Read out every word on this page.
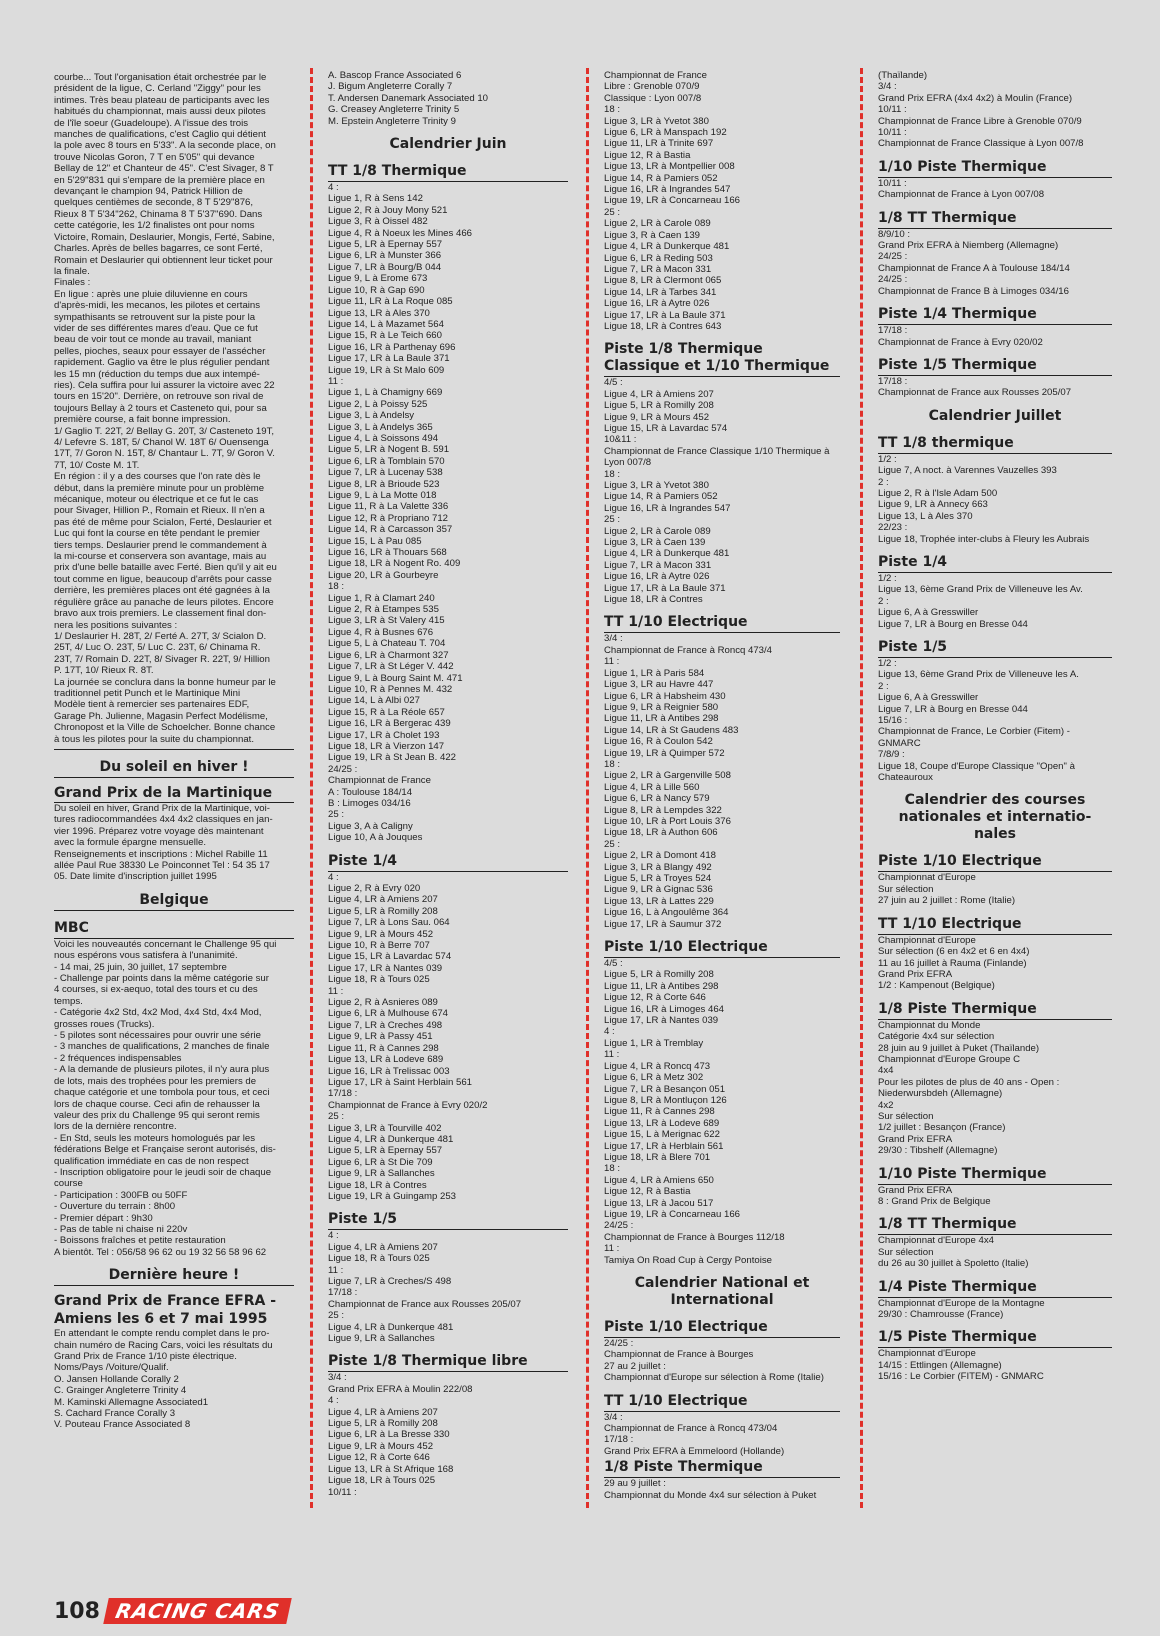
courbe... Tout l'organisation était orchestrée par le
président de la ligue, C. Cerland "Ziggy" pour les
intimes. Très beau plateau de participants avec les
habitués du championnat, mais aussi deux pilotes
de l'île soeur (Guadeloupe). A l'issue des trois
manches de qualifications, c'est Caglio qui détient
la pole avec 8 tours en 5'33". A la seconde place, on
trouve Nicolas Goron, 7 T en 5'05" qui devance
Bellay de 12" et Chanteur de 45". C'est Sivager, 8 T
en 5'29"831 qui s'empare de la première place en
devançant le champion 94, Patrick Hillion de
quelques centièmes de seconde, 8 T 5'29"876,
Rieux 8 T 5'34"262, Chinama 8 T 5'37"690. Dans
cette catégorie, les 1/2 finalistes ont pour noms
Victoire, Romain, Deslaurier, Mongis, Ferté, Sabine,
Charles. Après de belles bagarres, ce sont Ferté,
Romain et Deslaurier qui obtiennent leur ticket pour
la finale.
Finales :
En ligue : après une pluie diluvienne en cours
d'après-midi, les mecanos, les pilotes et certains
sympathisants se retrouvent sur la piste pour la
vider de ses différentes mares d'eau. Que ce fut
beau de voir tout ce monde au travail, maniant
pelles, pioches, seaux pour essayer de l'assécher
rapidement. Gaglio va être le plus régulier pendant
les 15 mn (réduction du temps due aux intempé-
ries). Cela suffira pour lui assurer la victoire avec 22
tours en 15'20". Derrière, on retrouve son rival de
toujours Bellay à 2 tours et Casteneto qui, pour sa
première course, a fait bonne impression.
1/ Gaglio T. 22T, 2/ Bellay G. 20T, 3/ Casteneto 19T,
4/ Lefevre S. 18T, 5/ Chanol W. 18T 6/ Ouensenga
17T, 7/ Goron N. 15T, 8/ Chantaur L. 7T, 9/ Goron V.
7T, 10/ Coste M. 1T.
En région : il y a des courses que l'on rate dès le
début, dans la première minute pour un problème
mécanique, moteur ou électrique et ce fut le cas
pour Sivager, Hillion P., Romain et Rieux. Il n'en a
pas été de même pour Scialon, Ferté, Deslaurier et
Luc qui font la course en tête pendant le premier
tiers temps. Deslaurier prend le commandement à
la mi-course et conservera son avantage, mais au
prix d'une belle bataille avec Ferté. Bien qu'il y ait eu
tout comme en ligue, beaucoup d'arrêts pour casse
derrière, les premières places ont été gagnées à la
régulière grâce au panache de leurs pilotes. Encore
bravo aux trois premiers. Le classement final don-
nera les positions suivantes :
1/ Deslaurier H. 28T, 2/ Ferté A. 27T, 3/ Scialon D.
25T, 4/ Luc O. 23T, 5/ Luc C. 23T, 6/ Chinama R.
23T, 7/ Romain D. 22T, 8/ Sivager R. 22T, 9/ Hillion
P. 17T, 10/ Rieux R. 8T.
La journée se conclura dans la bonne humeur par le
traditionnel petit Punch et le Martinique Mini
Modèle tient à remercier ses partenaires EDF,
Garage Ph. Julienne, Magasin Perfect Modélisme,
Chronopost et la Ville de Schoelcher. Bonne chance
à tous les pilotes pour la suite du championnat.
Du soleil en hiver !
Grand Prix de la Martinique
Du soleil en hiver, Grand Prix de la Martinique, voi-
tures radiocommandées 4x4 4x2 classiques en jan-
vier 1996. Préparez votre voyage dès maintenant
avec la formule épargne mensuelle.
Renseignements et inscriptions : Michel Rabille 11
allée Paul Rue 38330 Le Poinconnet Tel : 54 35 17
05. Date limite d'inscription juillet 1995
Belgique
MBC
Voici les nouveautés concernant le Challenge 95 qui
nous espérons vous satisfera à l'unanimité.
- 14 mai, 25 juin, 30 juillet, 17 septembre
- Challenge par points dans la même catégorie sur
4 courses, si ex-aequo, total des tours et cu des
temps.
- Catégorie 4x2 Std, 4x2 Mod, 4x4 Std, 4x4 Mod,
grosses roues (Trucks).
- 5 pilotes sont nécessaires pour ouvrir une série
- 3 manches de qualifications, 2 manches de finale
- 2 fréquences indispensables
- A la demande de plusieurs pilotes, il n'y aura plus
de lots, mais des trophées pour les premiers de
chaque catégorie et une tombola pour tous, et ceci
lors de chaque course. Ceci afin de rehausser la
valeur des prix du Challenge 95 qui seront remis
lors de la dernière rencontre.
- En Std, seuls les moteurs homologués par les
fédérations Belge et Française seront autorisés, dis-
qualification immédiate en cas de non respect
- Inscription obligatoire pour le jeudi soir de chaque
course
- Participation : 300FB ou 50FF
- Ouverture du terrain : 8h00
- Premier départ : 9h30
- Pas de table ni chaise ni 220v
- Boissons fraîches et petite restauration
A bientôt. Tel : 056/58 96 62 ou 19 32 56 58 96 62
Dernière heure !
Grand Prix de France EFRA - Amiens les 6 et 7 mai 1995
En attendant le compte rendu complet dans le pro-
chain numéro de Racing Cars, voici les résultats du
Grand Prix de France 1/10 piste électrique.
Noms/Pays /Voiture/Qualif.
O. Jansen Hollande Corally 2
C. Grainger Angleterre Trinity 4
M. Kaminski Allemagne Associated1
S. Cachard France Corally 3
V. Pouteau France Associated 8
A. Bascop France Associated 6
J. Bigum Angleterre Corally 7
T. Andersen Danemark Associated 10
G. Creasey Angleterre Trinity 5
M. Epstein Angleterre Trinity 9
Calendrier Juin
TT 1/8 Thermique
4 :
Ligue 1, R à Sens 142
Ligue 2, R à Jouy Mony 521
Ligue 3, R à Oissel 482
Ligue 4, R à Noeux les Mines 466
Ligue 5, LR à Epernay 557
Ligue 6, LR à Munster 366
Ligue 7, LR à Bourg/B 044
Ligue 9, L à Erome 673
Ligue 10, R à Gap 690
Ligue 11, LR à La Roque 085
Ligue 13, LR à Ales 370
Ligue 14, L à Mazamet 564
Ligue 15, R à Le Teich 660
Ligue 16, LR à Parthenay 696
Ligue 17, LR à La Baule 371
Ligue 19, LR à St Malo 609
11 :
Ligue 1, L à Chamigny 669
Ligue 2, L à Poissy 525
Ligue 3, L à Andelsy
Ligue 3, L à Andelys 365
Ligue 4, L à Soissons 494
Ligue 5, LR à Nogent B. 591
Ligue 6, LR à Tomblain 570
Ligue 7, LR à Lucenay 538
Ligue 8, LR à Brioude 523
Ligue 9, L à La Motte 018
Ligue 11, R à La Valette 336
Ligue 12, R à Propriano 712
Ligue 14, R à Carcasson 357
Ligue 15, L à Pau 085
Ligue 16, LR à Thouars 568
Ligue 18, LR à Nogent Ro. 409
Ligue 20, LR à Gourbeyre
18 :
Ligue 1, R à Clamart 240
Ligue 2, R à Etampes 535
Ligue 3, LR à St Valery 415
Ligue 4, R à Busnes 676
Ligue 5, L à Chateau T. 704
Ligue 6, LR à Charmont 327
Ligue 7, LR à St Léger V. 442
Ligue 9, L à Bourg Saint M. 471
Ligue 10, R à Pennes M. 432
Ligue 14, L à Albi 027
Ligue 15, R à La Réole 657
Ligue 16, LR à Bergerac 439
Ligue 17, LR à Cholet 193
Ligue 18, LR à Vierzon 147
Ligue 19, LR à St Jean B. 422
24/25 :
Championnat de France
A : Toulouse 184/14
B : Limoges 034/16
25 :
Ligue 3, A à Caligny
Ligue 10, A à Jouques
Piste 1/4
4 :
Ligue 2, R à Evry 020
Ligue 4, LR à Amiens 207
Ligue 5, LR à Romilly 208
Ligue 7, LR à Lons Sau. 064
Ligue 9, LR à Mours 452
Ligue 10, R à Berre 707
Ligue 15, LR à Lavardac 574
Ligue 17, LR à Nantes 039
Ligue 18, R à Tours 025
11 :
Ligue 2, R à Asnieres 089
Ligue 6, LR à Mulhouse 674
Ligue 7, LR à Creches 498
Ligue 9, LR à Passy 451
Ligue 11, R à Cannes 298
Ligue 13, LR à Lodeve 689
Ligue 16, LR à Trelissac 003
Ligue 17, LR à Saint Herblain 561
17/18 :
Championnat de France à Evry 020/2
25 :
Ligue 3, LR à Tourville 402
Ligue 4, LR à Dunkerque 481
Ligue 5, LR à Epernay 557
Ligue 6, LR à St Die 709
Ligue 9, LR à Sallanches
Ligue 18, LR à Contres
Ligue 19, LR à Guingamp 253
Piste 1/5
4 :
Ligue 4, LR à Amiens 207
Ligue 18, R à Tours 025
11 :
Ligue 7, LR à Creches/S 498
17/18 :
Championnat de France aux Rousses 205/07
25 :
Ligue 4, LR à Dunkerque 481
Ligue 9, LR à Sallanches
Piste 1/8 Thermique libre
3/4 :
Grand Prix EFRA à Moulin 222/08
4 :
Ligue 4, LR à Amiens 207
Ligue 5, LR à Romilly 208
Ligue 6, LR à La Bresse 330
Ligue 9, LR à Mours 452
Ligue 12, R à Corte 646
Ligue 13, LR à St Afrique 168
Ligue 18, LR à Tours 025
10/11 :
Championnat de France
Libre : Grenoble 070/9
Classique : Lyon 007/8
18 :
Ligue 3, LR à Yvetot 380
Ligue 6, LR à Manspach 192
Ligue 11, LR à Trinite 697
Ligue 12, R à Bastia
Ligue 13, LR à Montpellier 008
Ligue 14, R à Pamiers 052
Ligue 16, LR à Ingrandes 547
Ligue 19, LR à Concarneau 166
25 :
Ligue 2, LR à Carole 089
Ligue 3, R à Caen 139
Ligue 4, LR à Dunkerque 481
Ligue 6, LR à Reding 503
Ligue 7, LR à Macon 331
Ligue 8, LR à Clermont 065
Ligue 14, LR à Tarbes 341
Ligue 16, LR à Aytre 026
Ligue 17, LR à La Baule 371
Ligue 18, LR à Contres 643
Piste 1/8 Thermique Classique et 1/10 Thermique
4/5 :
Ligue 4, LR à Amiens 207
Ligue 5, LR à Romilly 208
Ligue 9, LR à Mours 452
Ligue 15, LR à Lavardac 574
10&11 :
Championnat de France Classique 1/10 Thermique à
Lyon 007/8
18 :
Ligue 3, LR à Yvetot 380
Ligue 14, R à Pamiers 052
Ligue 16, LR à Ingrandes 547
25 :
Ligue 2, LR à Carole 089
Ligue 3, LR à Caen 139
Ligue 4, LR à Dunkerque 481
Ligue 7, LR à Macon 331
Ligue 16, LR à Aytre 026
Ligue 17, LR à La Baule 371
Ligue 18, LR à Contres
TT 1/10 Electrique
3/4 :
Championnat de France à Roncq 473/4
11 :
Ligue 1, LR à Paris 584
Ligue 3, LR au Havre 447
Ligue 6, LR à Habsheim 430
Ligue 9, LR à Reignier 580
Ligue 11, LR à Antibes 298
Ligue 14, LR à St Gaudens 483
Ligue 16, R à Coulon 542
Ligue 19, LR à Quimper 572
18 :
Ligue 2, LR à Gargenville 508
Ligue 4, LR à Lille 560
Ligue 6, LR à Nancy 579
Ligue 8, LR à Lempdes 322
Ligue 10, LR à Port Louis 376
Ligue 18, LR à Authon 606
25 :
Ligue 2, LR à Domont 418
Ligue 3, LR à Blangy 492
Ligue 5, LR à Troyes 524
Ligue 9, LR à Gignac 536
Ligue 13, LR à Lattes 229
Ligue 16, L à Angoulême 364
Ligue 17, LR à Saumur 372
Piste 1/10 Electrique
4/5 :
Ligue 5, LR à Romilly 208
Ligue 11, LR à Antibes 298
Ligue 12, R à Corte 646
Ligue 16, LR à Limoges 464
Ligue 17, LR à Nantes 039
4 :
Ligue 1, LR à Tremblay
11 :
Ligue 4, LR à Roncq 473
Ligue 6, LR à Metz 302
Ligue 7, LR à Besançon 051
Ligue 8, LR à Montluçon 126
Ligue 11, R à Cannes 298
Ligue 13, LR à Lodeve 689
Ligue 15, L à Merignac 622
Ligue 17, LR à Herblain 561
Ligue 18, LR à Blere 701
18 :
Ligue 4, LR à Amiens 650
Ligue 12, R à Bastia
Ligue 13, LR à Jacou 517
Ligue 19, LR à Concarneau 166
24/25 :
Championnat de France à Bourges 112/18
11 :
Tamiya On Road Cup à Cergy Pontoise
Calendrier National et International
Piste 1/10 Electrique
24/25 :
Championnat de France à Bourges
27 au 2 juillet :
Championnat d'Europe sur sélection à Rome (Italie)
TT 1/10 Electrique
3/4 :
Championnat de France à Roncq 473/04
17/18 :
Grand Prix EFRA à Emmeloord (Hollande)
1/8 Piste Thermique
29 au 9 juillet :
Championnat du Monde 4x4 sur sélection à Puket
(Thaïlande)
3/4 :
Grand Prix EFRA (4x4 4x2) à Moulin (France)
10/11 :
Championnat de France Libre à Grenoble 070/9
10/11 :
Championnat de France Classique à Lyon 007/8
1/10 Piste Thermique
10/11 :
Championnat de France à Lyon 007/08
1/8 TT Thermique
8/9/10 :
Grand Prix EFRA à Niemberg (Allemagne)
24/25 :
Championnat de France A à Toulouse 184/14
24/25 :
Championnat de France B à Limoges 034/16
Piste 1/4 Thermique
17/18 :
Championnat de France à Evry 020/02
Piste 1/5 Thermique
17/18 :
Championnat de France aux Rousses 205/07
Calendrier Juillet
TT 1/8 thermique
1/2 :
Ligue 7, A noct. à Varennes Vauzelles 393
2 :
Ligue 2, R à l'Isle Adam 500
Ligue 9, LR à Annecy 663
Ligue 13, L à Ales 370
22/23 :
Ligue 18, Trophée inter-clubs à Fleury les Aubrais
Piste 1/4
1/2 :
Ligue 13, 6ème Grand Prix de Villeneuve les Av.
2 :
Ligue 6, A à Gresswiller
Ligue 7, LR à Bourg en Bresse 044
Piste 1/5
1/2 :
Ligue 13, 6ème Grand Prix de Villeneuve les A.
2 :
Ligue 6, A à Gresswiller
Ligue 7, LR à Bourg en Bresse 044
15/16 :
Championnat de France, Le Corbier (Fitem) -
GNMARC
7/8/9 :
Ligue 18, Coupe d'Europe Classique "Open" à
Chateauroux
Calendrier des courses nationales et internatio-nales
Piste 1/10 Electrique
Championnat d'Europe
Sur sélection
27 juin au 2 juillet : Rome (Italie)
TT 1/10 Electrique
Championnat d'Europe
Sur sélection (6 en 4x2 et 6 en 4x4)
11 au 16 juillet à Rauma (Finlande)
Grand Prix EFRA
1/2 : Kampenout (Belgique)
1/8 Piste Thermique
Championnat du Monde
Catégorie 4x4 sur sélection
28 juin au 9 juillet à Puket (Thaïlande)
Championnat d'Europe Groupe C
4x4
Pour les pilotes de plus de 40 ans - Open :
Niederwursbdeh (Allemagne)
4x2
Sur sélection
1/2 juillet : Besançon (France)
Grand Prix EFRA
29/30 : Tibshelf (Allemagne)
1/10 Piste Thermique
Grand Prix EFRA
8 : Grand Prix de Belgique
1/8 TT Thermique
Championnat d'Europe 4x4
Sur sélection
du 26 au 30 juillet à Spoletto (Italie)
1/4 Piste Thermique
Championnat d'Europe de la Montagne
29/30 : Chamrousse (France)
1/5 Piste Thermique
Championnat d'Europe
14/15 : Ettlingen (Allemagne)
15/16 : Le Corbier (FITEM) - GNMARC
108 RACING CARS
